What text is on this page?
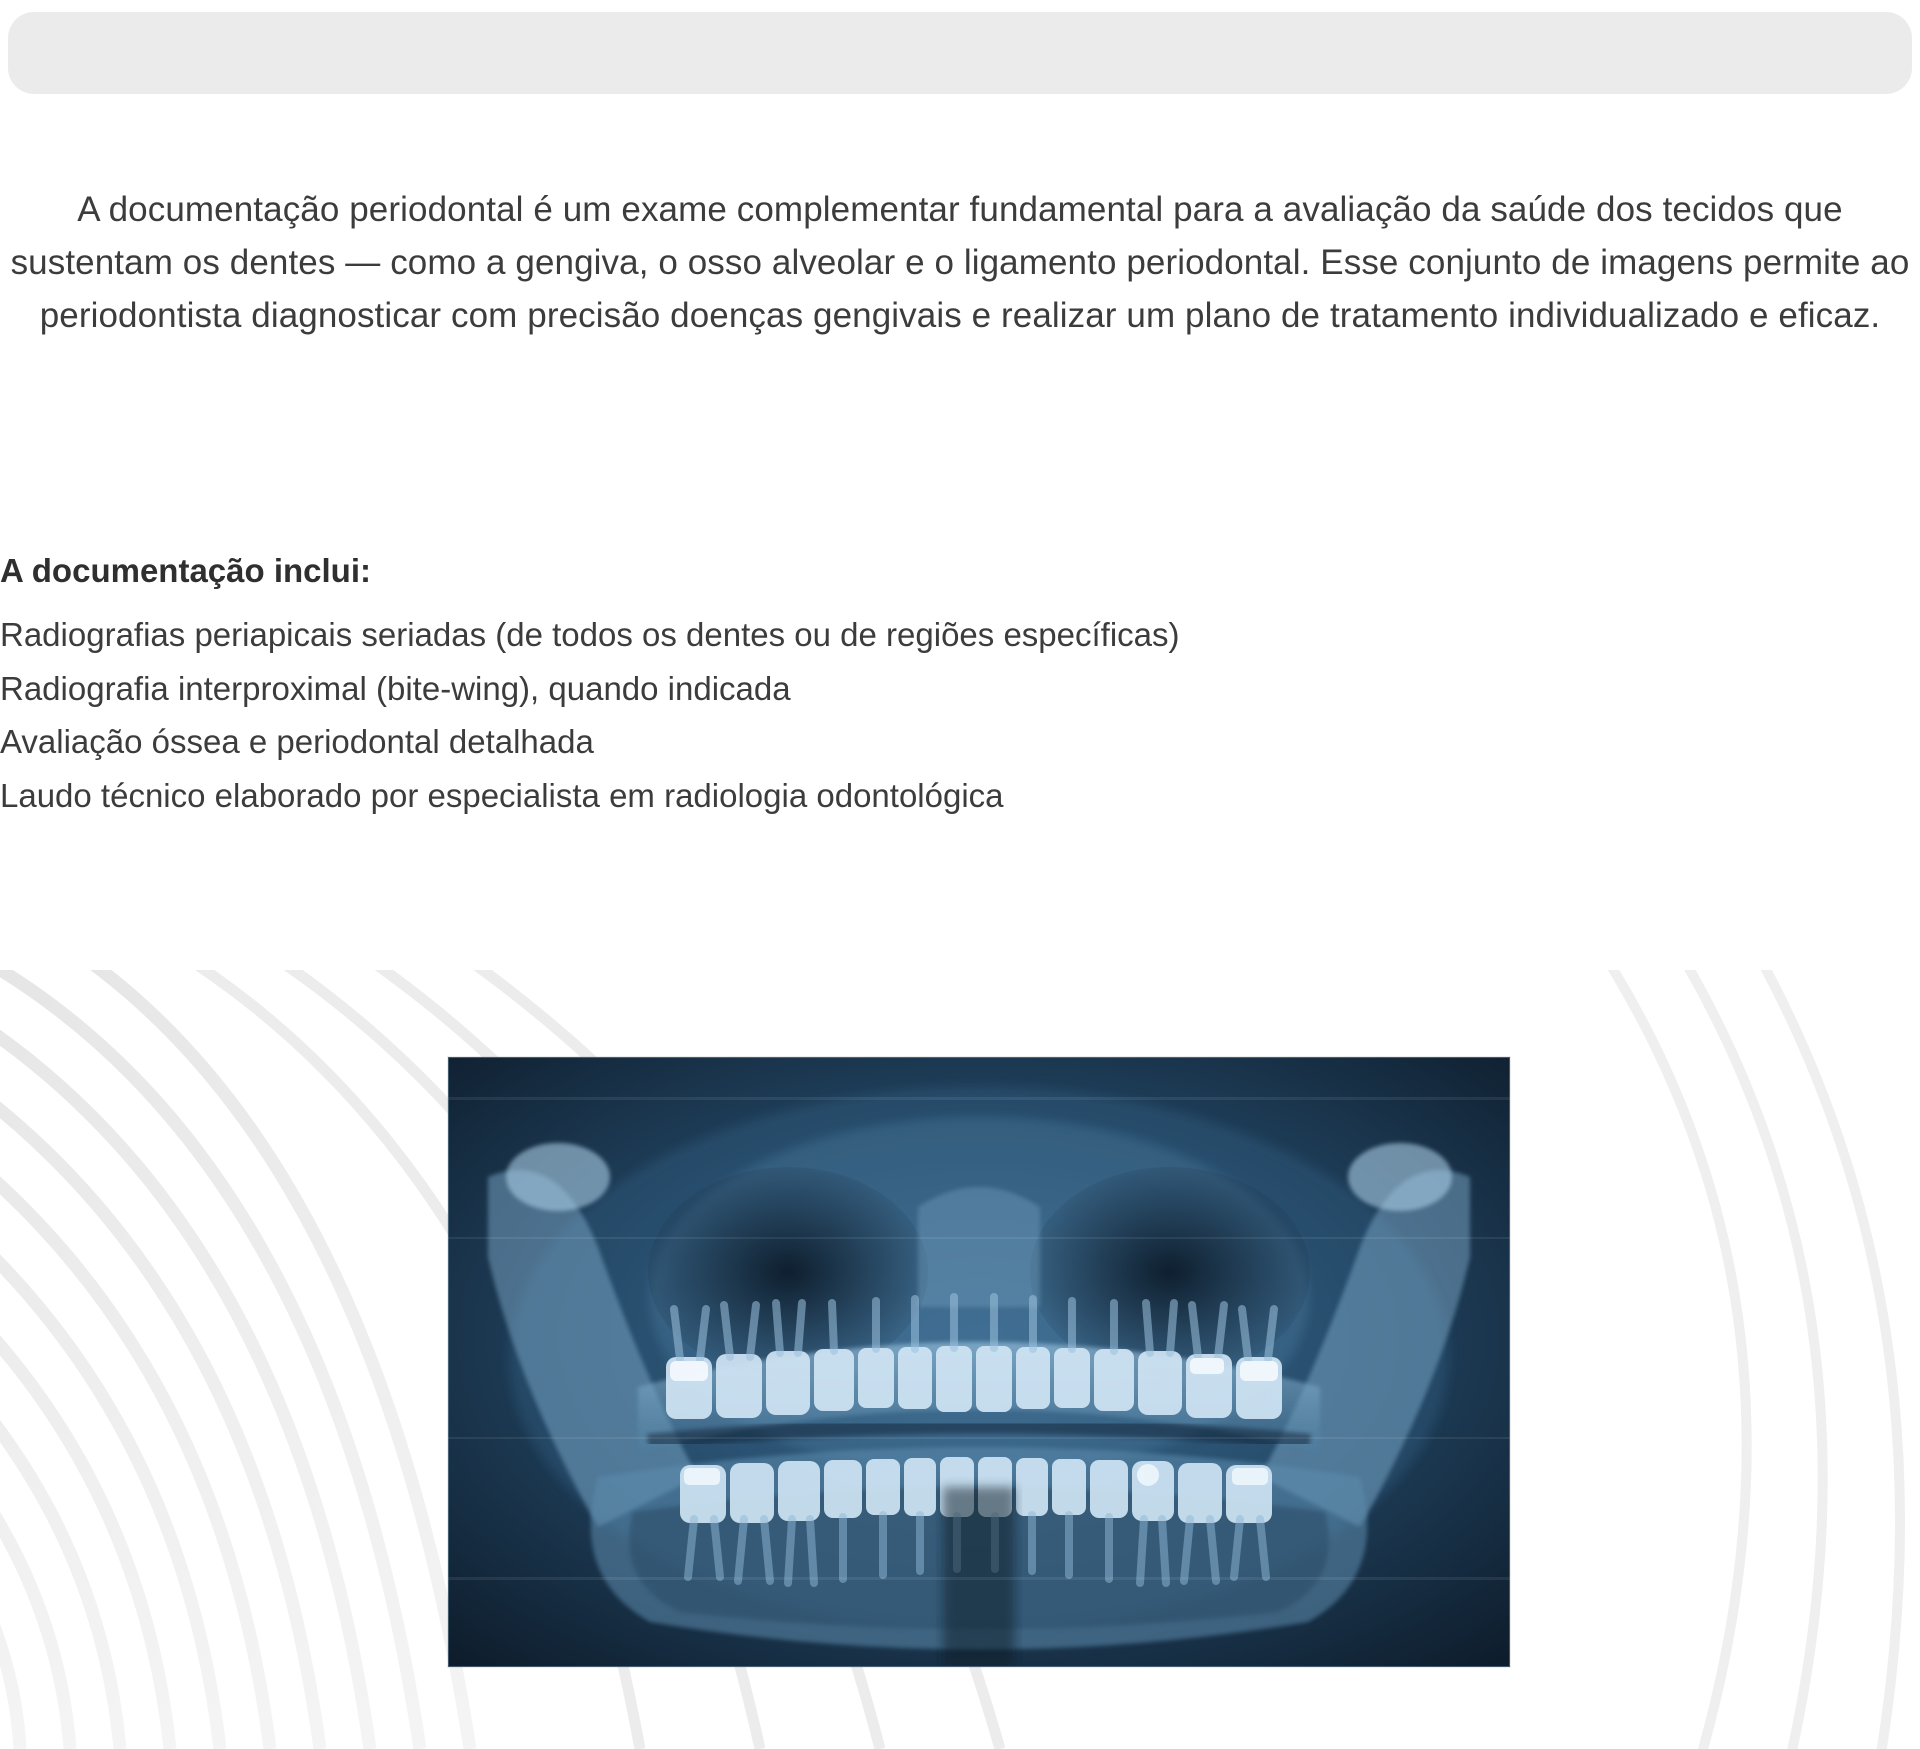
A documentação periodontal é um exame complementar fundamental para a avaliação da saúde dos tecidos que sustentam os dentes — como a gengiva, o osso alveolar e o ligamento periodontal. Esse conjunto de imagens permite ao periodontista diagnosticar com precisão doenças gengivais e realizar um plano de tratamento individualizado e eficaz.

A documentação inclui:
Radiografias periapicais seriadas (de todos os dentes ou de regiões específicas)
Radiografia interproximal (bite-wing), quando indicada
Avaliação óssea e periodontal detalhada
Laudo técnico elaborado por especialista em radiologia odontológica
